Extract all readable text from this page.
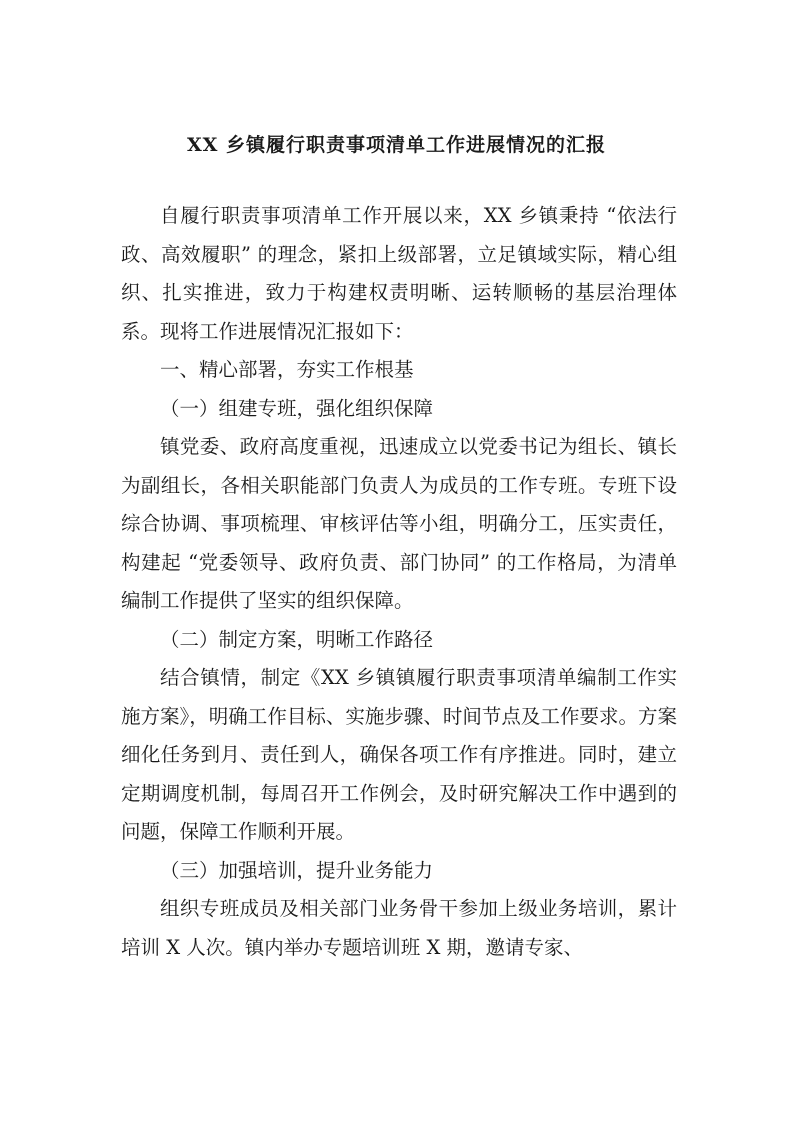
XX 乡镇履行职责事项清单工作进展情况的汇报

自履行职责事项清单工作开展以来，XX 乡镇秉持 “依法行政、高效履职” 的理念，紧扣上级部署，立足镇域实际，精心组织、扎实推进，致力于构建权责明晰、运转顺畅的基层治理体系。现将工作进展情况汇报如下：

一、精心部署，夯实工作根基

（一）组建专班，强化组织保障

镇党委、政府高度重视，迅速成立以党委书记为组长、镇长为副组长，各相关职能部门负责人为成员的工作专班。专班下设综合协调、事项梳理、审核评估等小组，明确分工，压实责任，构建起 “党委领导、政府负责、部门协同” 的工作格局，为清单编制工作提供了坚实的组织保障。

（二）制定方案，明晰工作路径

结合镇情，制定《XX 乡镇镇履行职责事项清单编制工作实施方案》，明确工作目标、实施步骤、时间节点及工作要求。方案细化任务到月、责任到人，确保各项工作有序推进。同时，建立定期调度机制，每周召开工作例会，及时研究解决工作中遇到的问题，保障工作顺利开展。

（三）加强培训，提升业务能力

组织专班成员及相关部门业务骨干参加上级业务培训，累计培训 X 人次。镇内举办专题培训班 X 期，邀请专家、
